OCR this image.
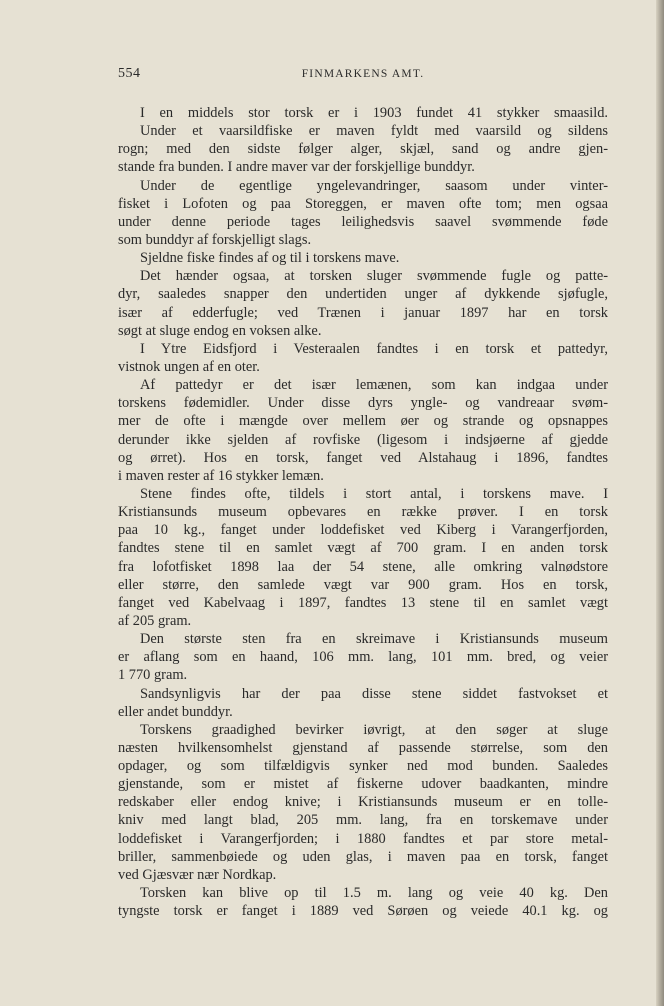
554	FINMARKENS AMT.
I en middels stor torsk er i 1903 fundet 41 stykker smaasild.
Under et vaarsildfiske er maven fyldt med vaarsild og sildens
rogn; med den sidste følger alger, skjæl, sand og andre gjen-
stande fra bunden. I andre maver var der forskjellige bunddyr.
Under de egentlige yngelevandringer, saasom under vinter-
fisket i Lofoten og paa Storeggen, er maven ofte tom; men ogsaa
under denne periode tages leilighedsvis saavel svømmende føde
som bunddyr af forskjelligt slags.
Sjeldne fiske findes af og til i torskens mave.
Det hænder ogsaa, at torsken sluger svømmende fugle og patte-
dyr, saaledes snapper den undertiden unger af dykkende sjøfugle,
især af edderfugle; ved Trænen i januar 1897 har en torsk
søgt at sluge endog en voksen alke.
I Ytre Eidsfjord i Vesteraalen fandtes i en torsk et pattedyr,
vistnok ungen af en oter.
Af pattedyr er det især lemænen, som kan indgaa under
torskens fødemidler. Under disse dyrs yngle- og vandreaar svøm-
mer de ofte i mængde over mellem øer og strande og opsnappes
derunder ikke sjelden af rovfiske (ligesom i indsjøerne af gjedde
og ørret). Hos en torsk, fanget ved Alstahaug i 1896, fandtes
i maven rester af 16 stykker lemæn.
Stene findes ofte, tildels i stort antal, i torskens mave. I
Kristiansunds museum opbevares en række prøver. I en torsk
paa 10 kg., fanget under loddefisket ved Kiberg i Varangerfjorden,
fandtes stene til en samlet vægt af 700 gram. I en anden torsk
fra lofotfisket 1898 laa der 54 stene, alle omkring valnødstore
eller større, den samlede vægt var 900 gram. Hos en torsk,
fanget ved Kabelvaag i 1897, fandtes 13 stene til en samlet vægt
af 205 gram.
Den største sten fra en skreimave i Kristiansunds museum
er aflang som en haand, 106 mm. lang, 101 mm. bred, og veier
1 770 gram.
Sandsynligvis har der paa disse stene siddet fastvokset et
eller andet bunddyr.
Torskens graadighed bevirker iøvrigt, at den søger at sluge
næsten hvilkensomhelst gjenstand af passende størrelse, som den
opdager, og som tilfældigvis synker ned mod bunden. Saaledes
gjenstande, som er mistet af fiskerne udover baadkanten, mindre
redskaber eller endog knive; i Kristiansunds museum er en tolle-
kniv med langt blad, 205 mm. lang, fra en torskemave under
loddefisket i Varangerfjorden; i 1880 fandtes et par store metal-
briller, sammenbøiede og uden glas, i maven paa en torsk, fanget
ved Gjæsvær nær Nordkap.
Torsken kan blive op til 1.5 m. lang og veie 40 kg. Den
tyngste torsk er fanget i 1889 ved Sørøen og veiede 40.1 kg. og
